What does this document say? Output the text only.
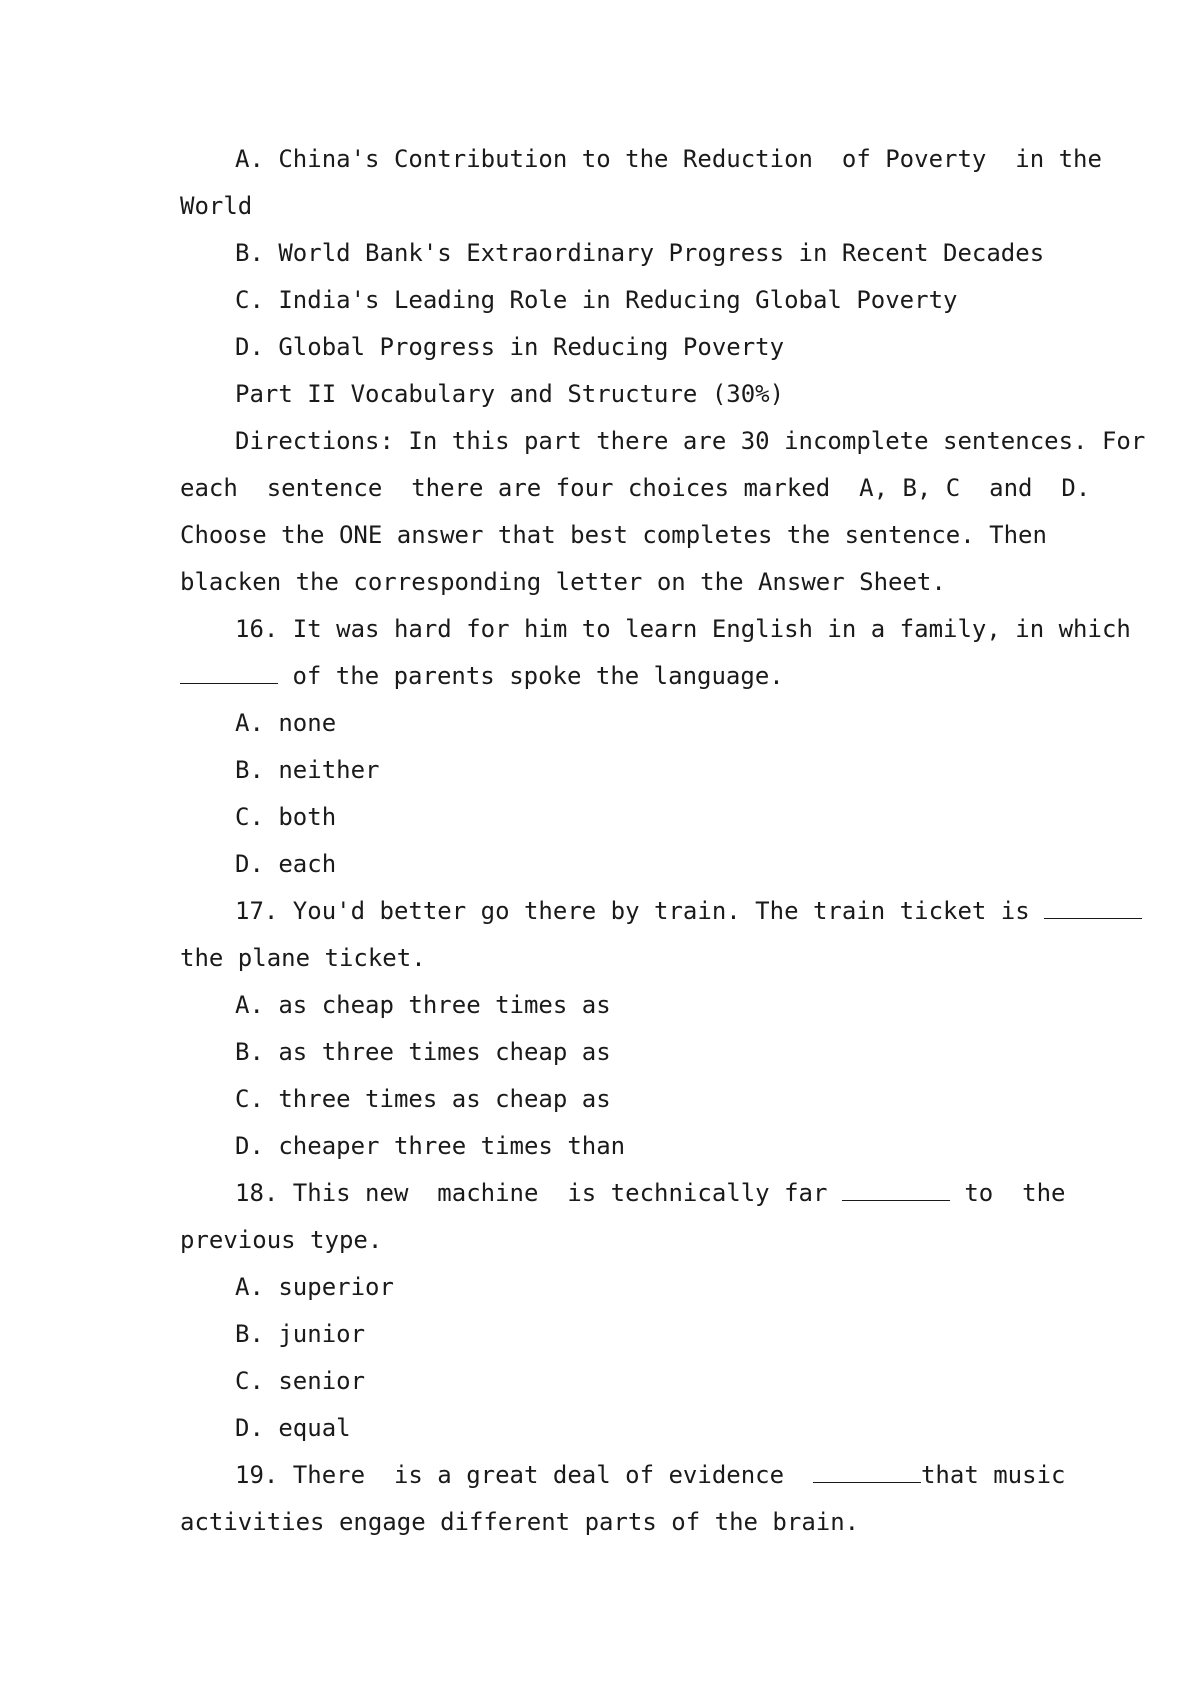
A. China's Contribution to the Reduction  of Poverty  in the
World
B. World Bank's Extraordinary Progress in Recent Decades
C. India's Leading Role in Reducing Global Poverty
D. Global Progress in Reducing Poverty
Part II Vocabulary and Structure (30%)
Directions: In this part there are 30 incomplete sentences. For
each  sentence  there are four choices marked  A, B, C  and  D.
Choose the ONE answer that best completes the sentence. Then
blacken the corresponding letter on the Answer Sheet.
16. It was hard for him to learn English in a family, in which
of the parents spoke the language.
A. none
B. neither
C. both
D. each
17. You'd better go there by train. The train ticket is
the plane ticket.
A. as cheap three times as
B. as three times cheap as
C. three times as cheap as
D. cheaper three times than
18. This new  machine  is technically far	to  the
previous type.
A. superior
B. junior
C. senior
D. equal
19. There  is a great deal of evidence	that music
activities engage different parts of the brain.
